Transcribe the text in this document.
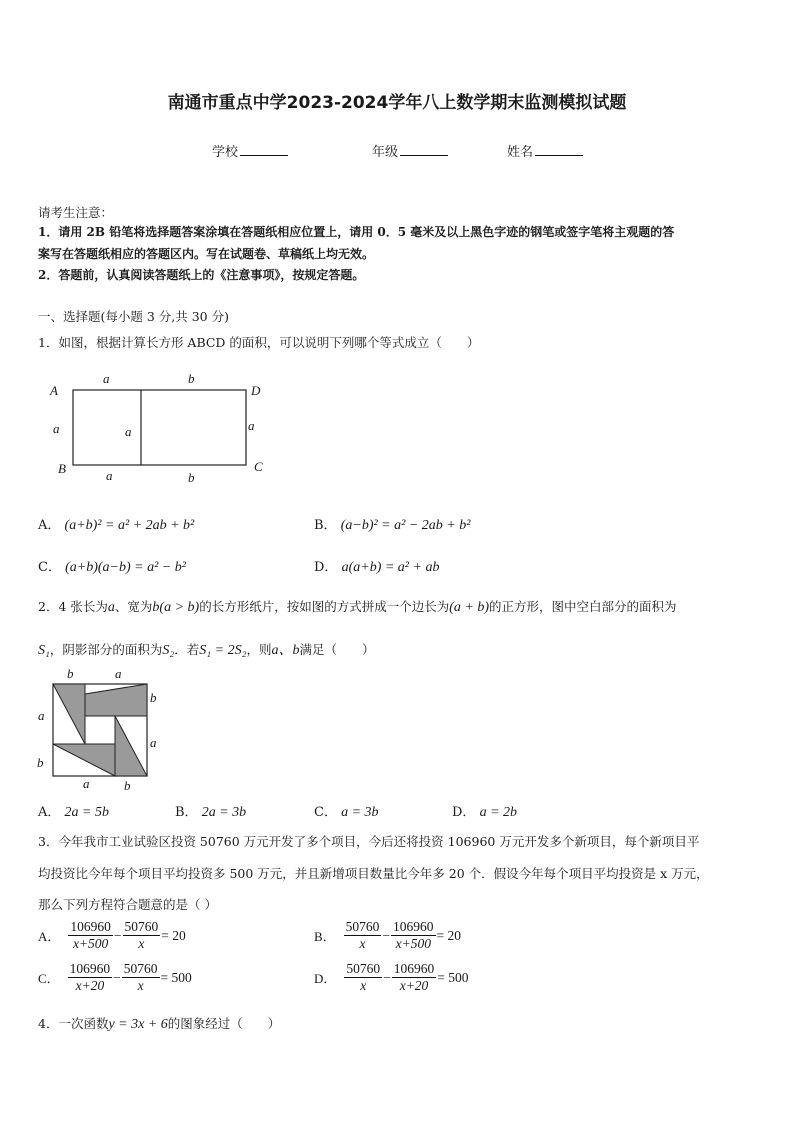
南通市重点中学2023-2024学年八上数学期末监测模拟试题
学校	年级	姓名
请考生注意：
1．请用 2B 铅笔将选择题答案涂填在答题纸相应位置上，请用 0．5 毫米及以上黑色字迹的钢笔或签字笔将主观题的答
案写在答题纸相应的答题区内。写在试题卷、草稿纸上均无效。
2．答题前，认真阅读答题纸上的《注意事项》，按规定答题。
一、选择题(每小题 3 分,共 30 分)
1．如图，根据计算长方形 ABCD 的面积，可以说明下列哪个等式成立（　　）
A	D
B	C
a	b
a	a	a
a	b
A． (a+b)² = a² + 2ab + b²	B． (a−b)² = a² − 2ab + b²
C． (a+b)(a−b) = a² − b²	D． a(a+b) = a² + ab
2．4 张长为a、宽为b(a > b)的长方形纸片，按如图的方式拼成一个边长为(a + b)的正方形，图中空白部分的面积为
S₁，阴影部分的面积为S₂．若S₁ = 2S₂，则a、b满足（　　）
b	a
b
a
a
b
a	b
A． 2a = 5b	B． 2a = 3b	C． a = 3b	D． a = 2b
3．今年我市工业试验区投资 50760 万元开发了多个项目，今后还将投资 106960 万元开发多个新项目，每个新项目平
均投资比今年每个项目平均投资多 500 万元，并且新增项目数量比今年多 20 个．假设今年每个项目平均投资是 x 万元，
那么下列方程符合题意的是（ ）
A． $\frac{106960}{x+500} - \frac{50760}{x} = 20$	B． $\frac{50760}{x} - \frac{106960}{x+500} = 20$
C． $\frac{106960}{x+20} - \frac{50760}{x} = 500$	D． $\frac{50760}{x} - \frac{106960}{x+20} = 500$
4．一次函数y = 3x + 6的图象经过（　　）
